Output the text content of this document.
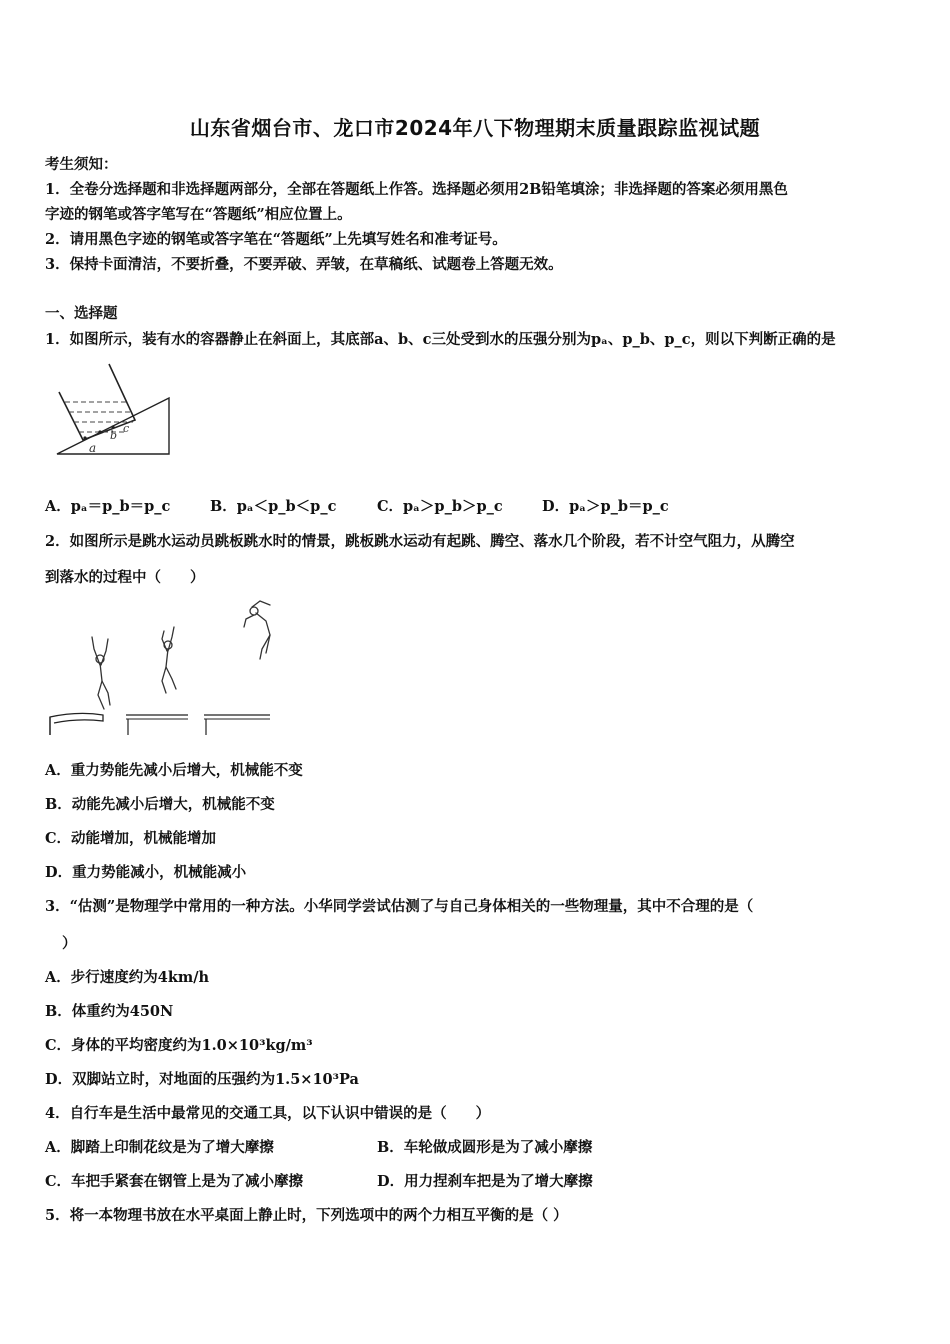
山东省烟台市、龙口市2024年八下物理期末质量跟踪监视试题
考生须知：
1．全卷分选择题和非选择题两部分，全部在答题纸上作答。选择题必须用2B铅笔填涂；非选择题的答案必须用黑色
字迹的钢笔或答字笔写在“答题纸”相应位置上。
2．请用黑色字迹的钢笔或答字笔在“答题纸”上先填写姓名和准考证号。
3．保持卡面清洁，不要折叠，不要弄破、弄皱，在草稿纸、试题卷上答题无效。
一、选择题
1．如图所示，装有水的容器静止在斜面上，其底部a、b、c三处受到水的压强分别为pₐ、p_b、p_c，则以下判断正确的是
a
b
c
A．pₐ＝p_b＝p_c	B．pₐ＜p_b＜p_c	C．pₐ＞p_b＞p_c	D．pₐ＞p_b＝p_c
2．如图所示是跳水运动员跳板跳水时的情景，跳板跳水运动有起跳、腾空、落水几个阶段，若不计空气阻力，从腾空
到落水的过程中（　　）
A．重力势能先减小后增大，机械能不变
B．动能先减小后增大，机械能不变
C．动能增加，机械能增加
D．重力势能减小，机械能减小
3．“估测”是物理学中常用的一种方法。小华同学尝试估测了与自己身体相关的一些物理量，其中不合理的是（
）
A．步行速度约为4km/h
B．体重约为450N
C．身体的平均密度约为1.0×10³kg/m³
D．双脚站立时，对地面的压强约为1.5×10³Pa
4．自行车是生活中最常见的交通工具，以下认识中错误的是（　　）
A．脚踏上印制花纹是为了增大摩擦	B．车轮做成圆形是为了减小摩擦
C．车把手紧套在钢管上是为了减小摩擦	D．用力捏刹车把是为了增大摩擦
5．将一本物理书放在水平桌面上静止时，下列选项中的两个力相互平衡的是（ ）
